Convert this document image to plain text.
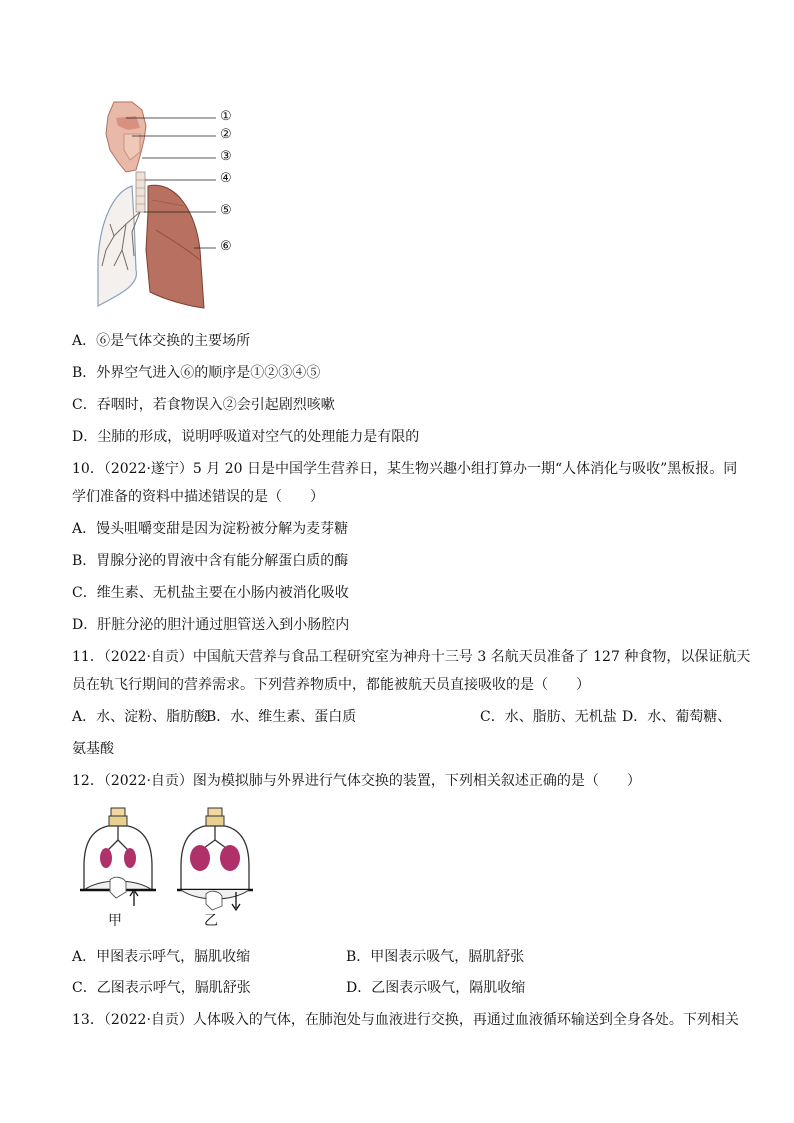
①
②
③
④
⑤
⑥
A．⑥是气体交换的主要场所
B．外界空气进入⑥的顺序是①②③④⑤
C．吞咽时，若食物误入②会引起剧烈咳嗽
D．尘肺的形成，说明呼吸道对空气的处理能力是有限的
10．（2022·遂宁）5 月 20 日是中国学生营养日，某生物兴趣小组打算办一期“人体消化与吸收”黑板报。同
学们准备的资料中描述错误的是（　　）
A．馒头咀嚼变甜是因为淀粉被分解为麦芽糖
B．胃腺分泌的胃液中含有能分解蛋白质的酶
C．维生素、无机盐主要在小肠内被消化吸收
D．肝脏分泌的胆汁通过胆管送入到小肠腔内
11．（2022·自贡）中国航天营养与食品工程研究室为神舟十三号 3 名航天员准备了 127 种食物，以保证航天
员在轨飞行期间的营养需求。下列营养物质中，都能被航天员直接吸收的是（　　）
A．水、淀粉、脂肪酸
B．水、维生素、蛋白质	C．水、脂肪、无机盐 D．水、葡萄糖、
氨基酸
12．（2022·自贡）图为模拟肺与外界进行气体交换的装置，下列相关叙述正确的是（　　）
甲	乙
A．甲图表示呼气，膈肌收缩	B．甲图表示吸气，膈肌舒张
C．乙图表示呼气，膈肌舒张	D．乙图表示吸气，隔肌收缩
13．（2022·自贡）人体吸入的气体，在肺泡处与血液进行交换，再通过血液循环输送到全身各处。下列相关
